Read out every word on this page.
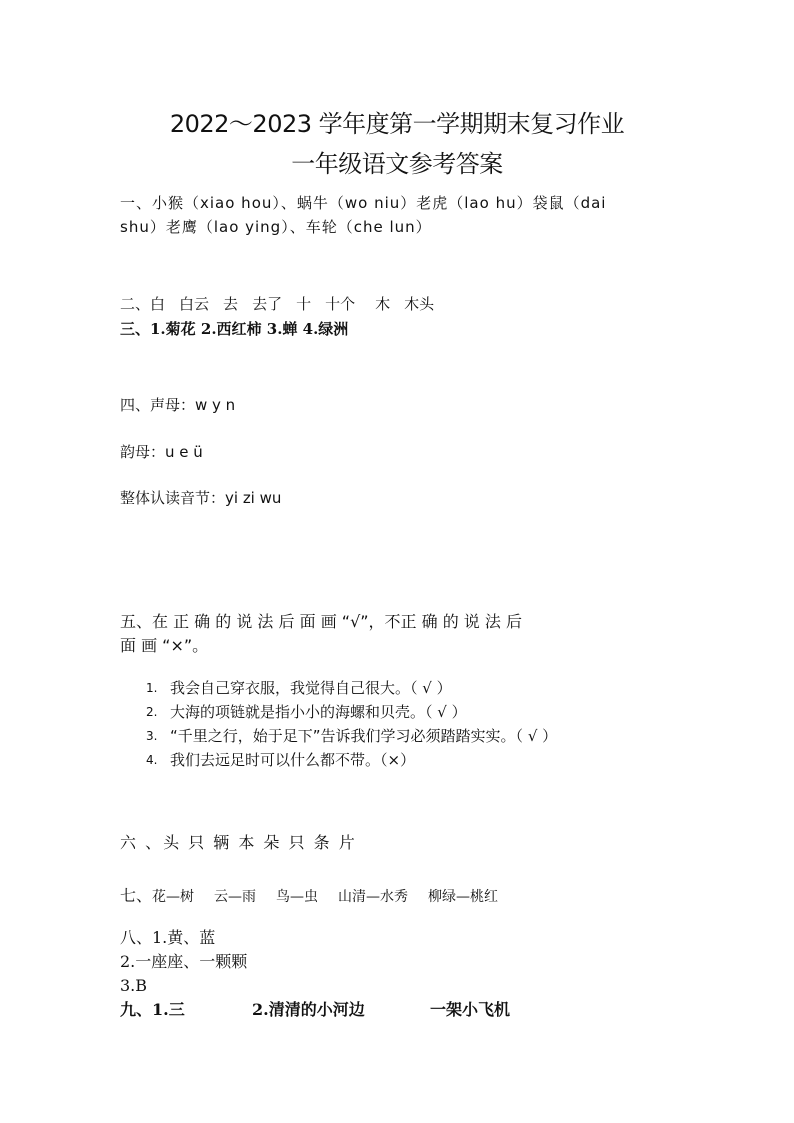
2022～2023 学年度第一学期期末复习作业
一年级语文参考答案
一、小猴（xiao hou）、蜗牛（wo niu）老虎（lao hu）袋鼠（dai
shu）老鹰（lao ying）、车轮（che lun）
二、白 白云 去 去了 十 十个 木 木头
三、1.菊花 2.西红柿 3.蝉 4.绿洲
四、声母：w y n
韵母：u e ü
整体认读音节：yi zi wu
五、在 正 确 的 说 法 后 面 画 “√”，不正 确 的 说 法 后
面 画 “×”。
1. 我会自己穿衣服，我觉得自己很大。（ √ ）
2. 大海的项链就是指小小的海螺和贝壳。（ √ ）
3. “千里之行，始于足下”告诉我们学习必须踏踏实实。（ √ ）
4. 我们去远足时可以什么都不带。（×）
六 、头 只 辆 本 朵 只 条 片
七、花—树 云—雨 鸟—虫 山清—水秀 柳绿—桃红
八、1.黄、蓝
2.一座座、一颗颗
3.B
九、1.三	2.清清的小河边	一架小飞机
